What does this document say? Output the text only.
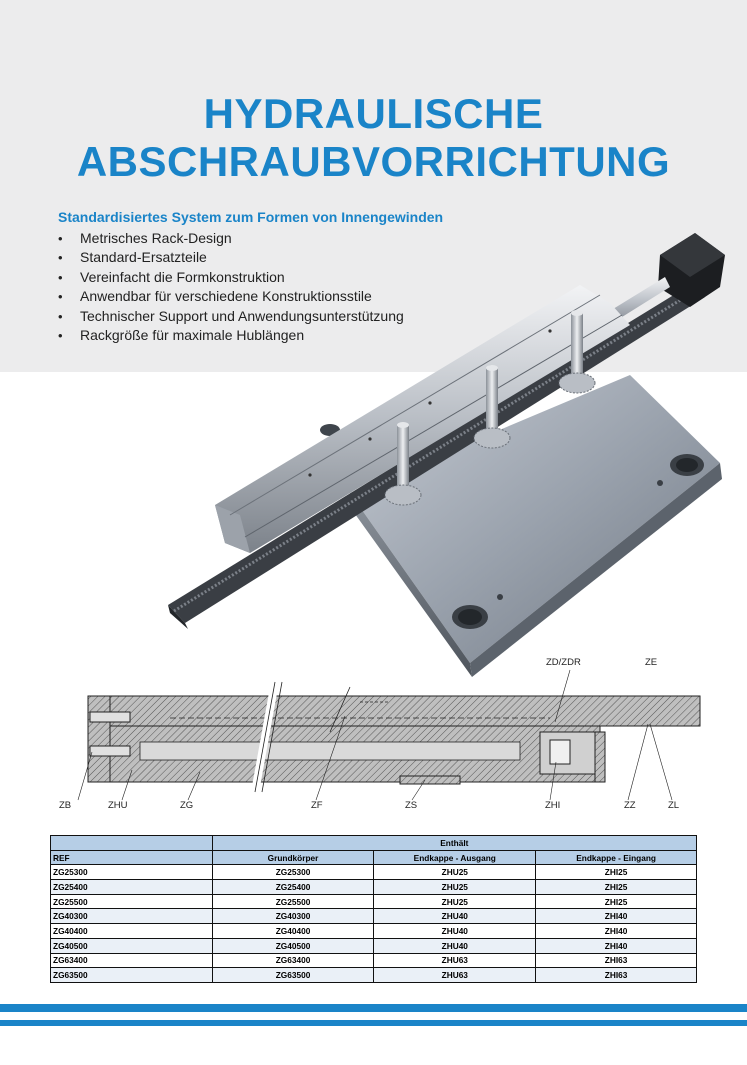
HYDRAULISCHE
ABSCHRAUBVORRICHTUNG
Standardisiertes System zum Formen von Innengewinden
•	Metrisches Rack-Design
•	Standard-Ersatzteile
•	Vereinfacht die Formkonstruktion
•	Anwendbar für verschiedene Konstruktionsstile
•	Technischer Support und Anwendungsunterstützung
•	Rackgröße für maximale Hublängen
ZD/ZDR	ZE
ZB	ZHU	ZG	ZF	ZS	ZHI	ZZ	ZL
	Enthält		
REF	Grundkörper	Endkappe - Ausgang	Endkappe - Eingang
ZG25300	ZG25300	ZHU25	ZHI25
ZG25400	ZG25400	ZHU25	ZHI25
ZG25500	ZG25500	ZHU25	ZHI25
ZG40300	ZG40300	ZHU40	ZHI40
ZG40400	ZG40400	ZHU40	ZHI40
ZG40500	ZG40500	ZHU40	ZHI40
ZG63400	ZG63400	ZHU63	ZHI63
ZG63500	ZG63500	ZHU63	ZHI63
